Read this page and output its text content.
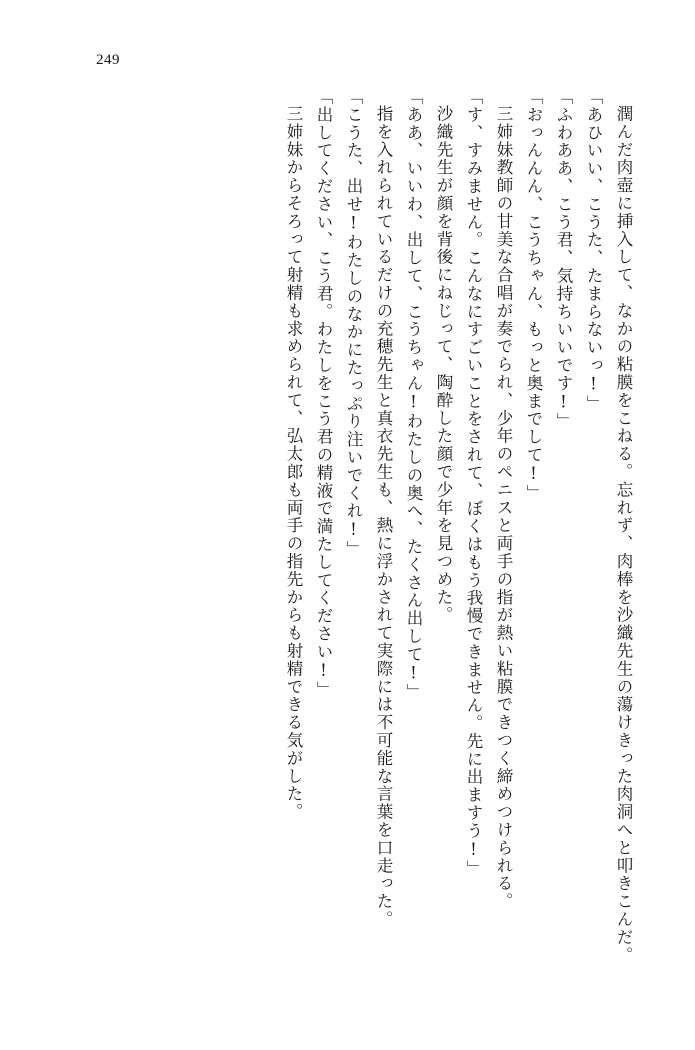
249

潤んだ肉壺に挿入して、なかの粘膜をこねる。忘れず、肉棒を沙織先生の蕩けきった肉洞へと叩きこんだ。

「あひいい、こうた、たまらないっ!」

「ふわああ、こう君、気持ちいいです!」

「おっんんん、こうちゃん、もっと奥までして!」

三姉妹教師の甘美な合唱が奏でられ、少年のペニスと両手の指が熱い粘膜できつく締めつけられる。

「す、すみません。こんなにすごいことをされて、ぼくはもう我慢できません。先に出ますう!」

沙織先生が顔を背後にねじって、陶酔した顔で少年を見つめた。

「ああ、いいわ、出して、こうちゃん!わたしの奥へ、たくさん出して!」

指を入れられているだけの充穂先生と真衣先生も、熱に浮かされて実際には不可能な言葉を口走った。

「こうた、出せ!わたしのなかにたっぷり注いでくれ!」

「出してください、こう君。わたしをこう君の精液で満たしてください!」

三姉妹からそろって射精も求められて、弘太郎も両手の指先からも射精できる気がした。
